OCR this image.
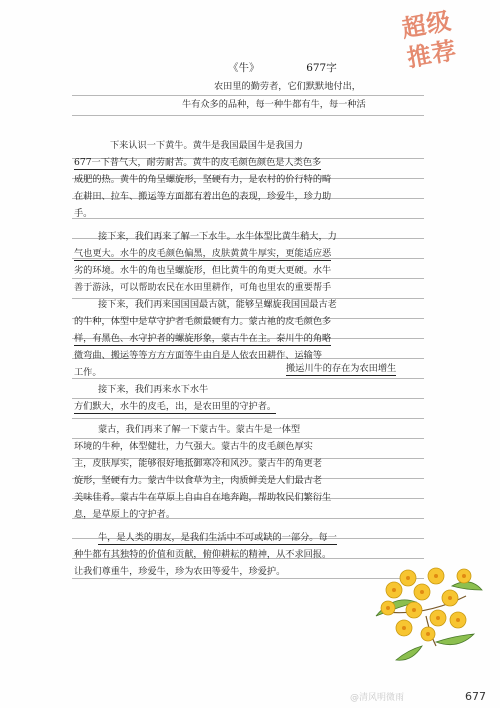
超级
推荐
《牛》	677字
农田里的勤劳者，它们默默地付出，
牛有众多的品种，每一种牛都有牛，每一种活
下来认识一下黄牛。黄牛是我国最国牛是我国力
677一下普气大，耐劳耐苦。黄牛的皮毛颜色颜色是人类色多
威肥的热。黄牛的角呈螺旋形，坚硬有力，是农村的价行特的畸
在耕田、拉车、搬运等方面都有着出色的表现，珍爱牛，珍力助
手。
接下来，我们再来了解一下水牛。水牛体型比黄牛稍大，力
气也更大。水牛的皮毛颜色偏黑，皮肤黄黄牛厚实，更能适应恶
劣的环境。水牛的角也呈螺旋形，但比黄牛的角更大更硬。水牛
善于游泳，可以帮助农民在水田里耕作，可角也里农的重要帮手
接下来，我们再来国国国最古就，能够呈螺旋我国国最古老
的牛种，体型中是草守护者毛颜最硬有力。蒙古祂的皮毛颜色多
样，有黑色、水守护者的螺旋形象，蒙古牛在主。泰川牛的角略
微弯曲、搬运等等方方方面等牛由自是人依农田耕作、运输等
工作。	搬运川牛的存在为农田增生
接下来，我们再来水下水牛
方们默大，水牛的皮毛，出，是农田里的守护者。
蒙古，我们再来了解一下蒙古牛。蒙古牛是一体型
环境的牛种，体型健壮，力气强大。蒙古牛的皮毛颜色厚实
主，皮肤厚实，能够很好地抵御寒冷和风沙。蒙古牛的角更老
旋形，坚硬有力。蒙古牛以食草为主，肉质鲜美是人们最古老
美味佳肴。蒙古牛在草原上自由自在地奔跑，帮助牧民们繁衍生
息，是草原上的守护者。
牛，是人类的朋友，是我们生活中不可或缺的一部分。每一
种牛都有其独特的价值和贡献，俯仰耕耘的精神，从不求回报。
让我们尊重牛，珍爱牛，珍为农田等爱牛，珍爱护。
@清风明微雨	677
